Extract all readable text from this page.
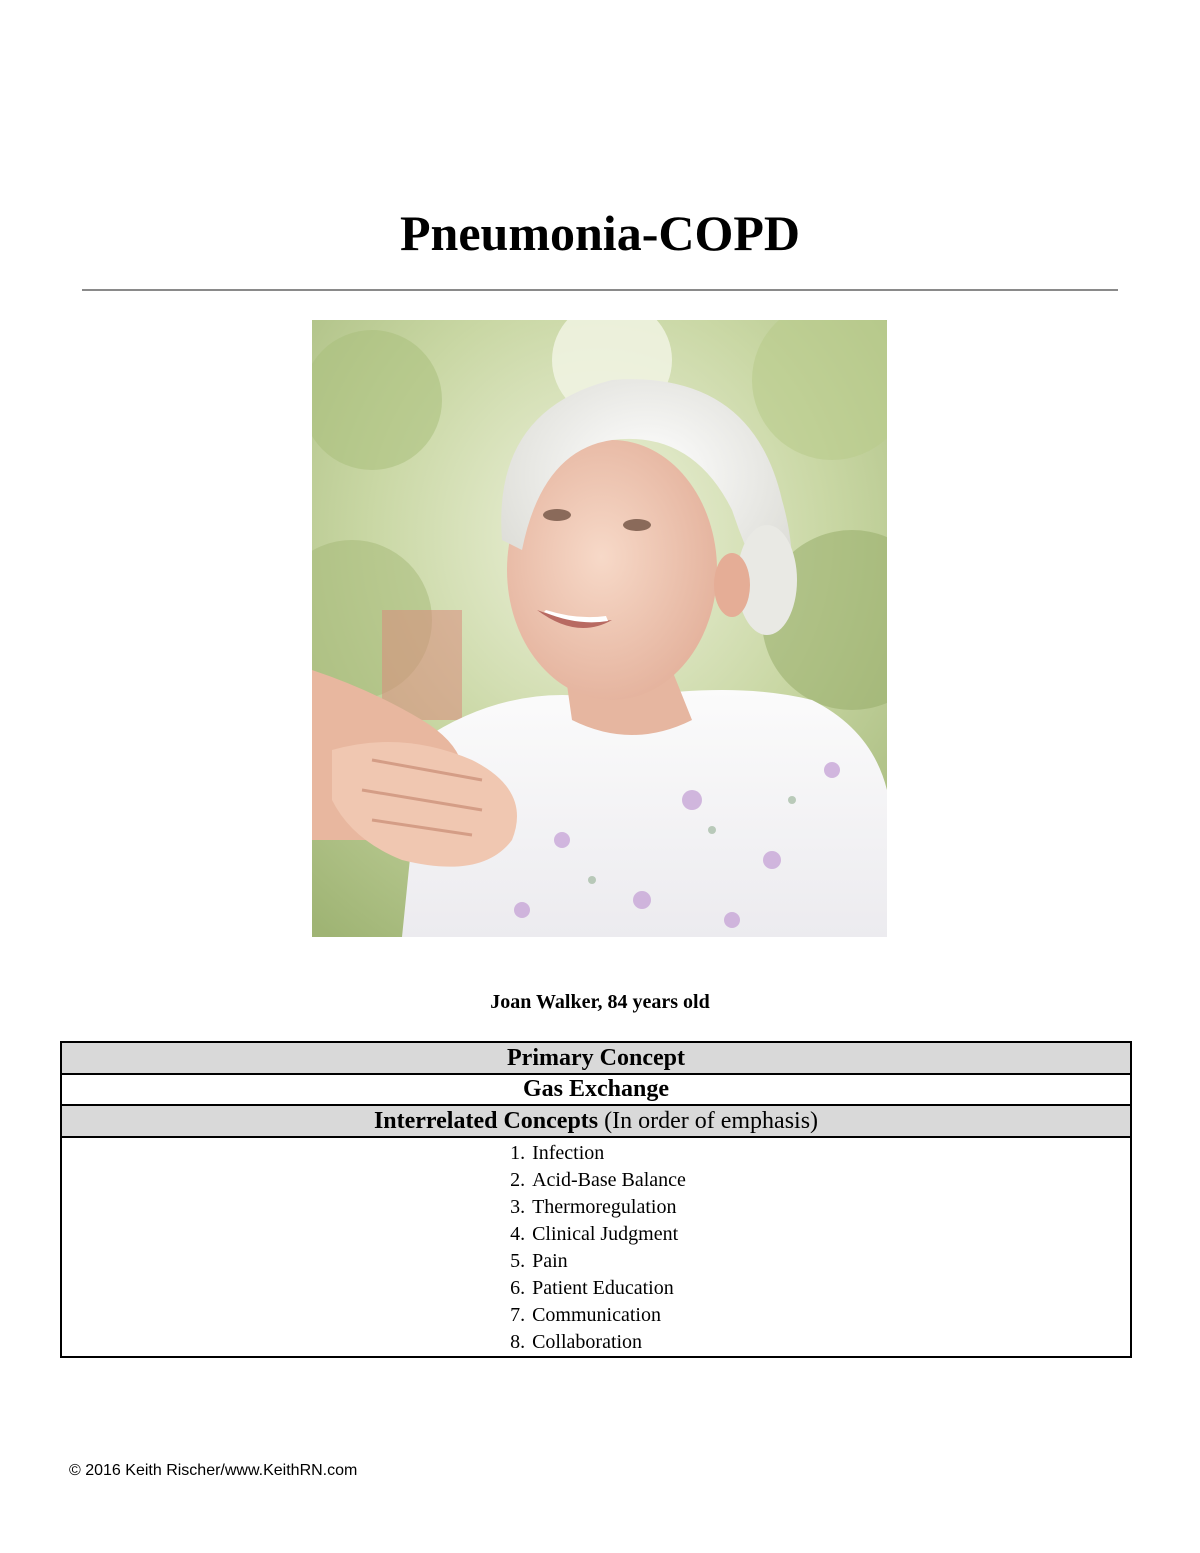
Pneumonia-COPD
Joan Walker, 84 years old
Primary Concept
Gas Exchange
Interrelated Concepts (In order of emphasis)

1. Infection
2. Acid-Base Balance
3. Thermoregulation
4. Clinical Judgment
5. Pain
6. Patient Education
7. Communication
8. Collaboration
© 2016 Keith Rischer/www.KeithRN.com
